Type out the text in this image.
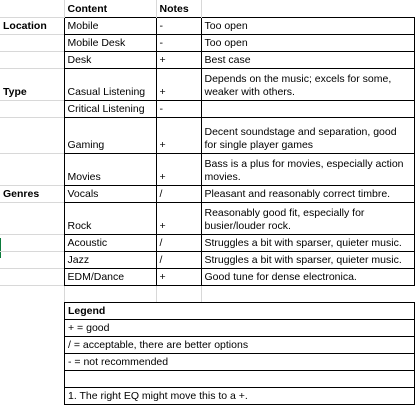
	Content	Notes	
Location	Mobile	-	Too open
	Mobile Desk	-	Too open
	Desk	+	Best case
Type	Casual Listening	+	Depends on the music; excels for some, weaker with others.
	Critical Listening	-	
	Gaming	+	Decent soundstage and separation, good for single player games
	Movies	+	Bass is a plus for movies, especially action movies.
Genres	Vocals	/	Pleasant and reasonably correct timbre.
	Rock	+	Reasonably good fit, especially for busier/louder rock.
	Acoustic	/	Struggles a bit with sparser, quieter music.
	Jazz	/	Struggles a bit with sparser, quieter music.
	EDM/Dance	+	Good tune for dense electronica.

Legend
+ = good
/ = acceptable, there are better options
- = not recommended

1. The right EQ might move this to a +.
